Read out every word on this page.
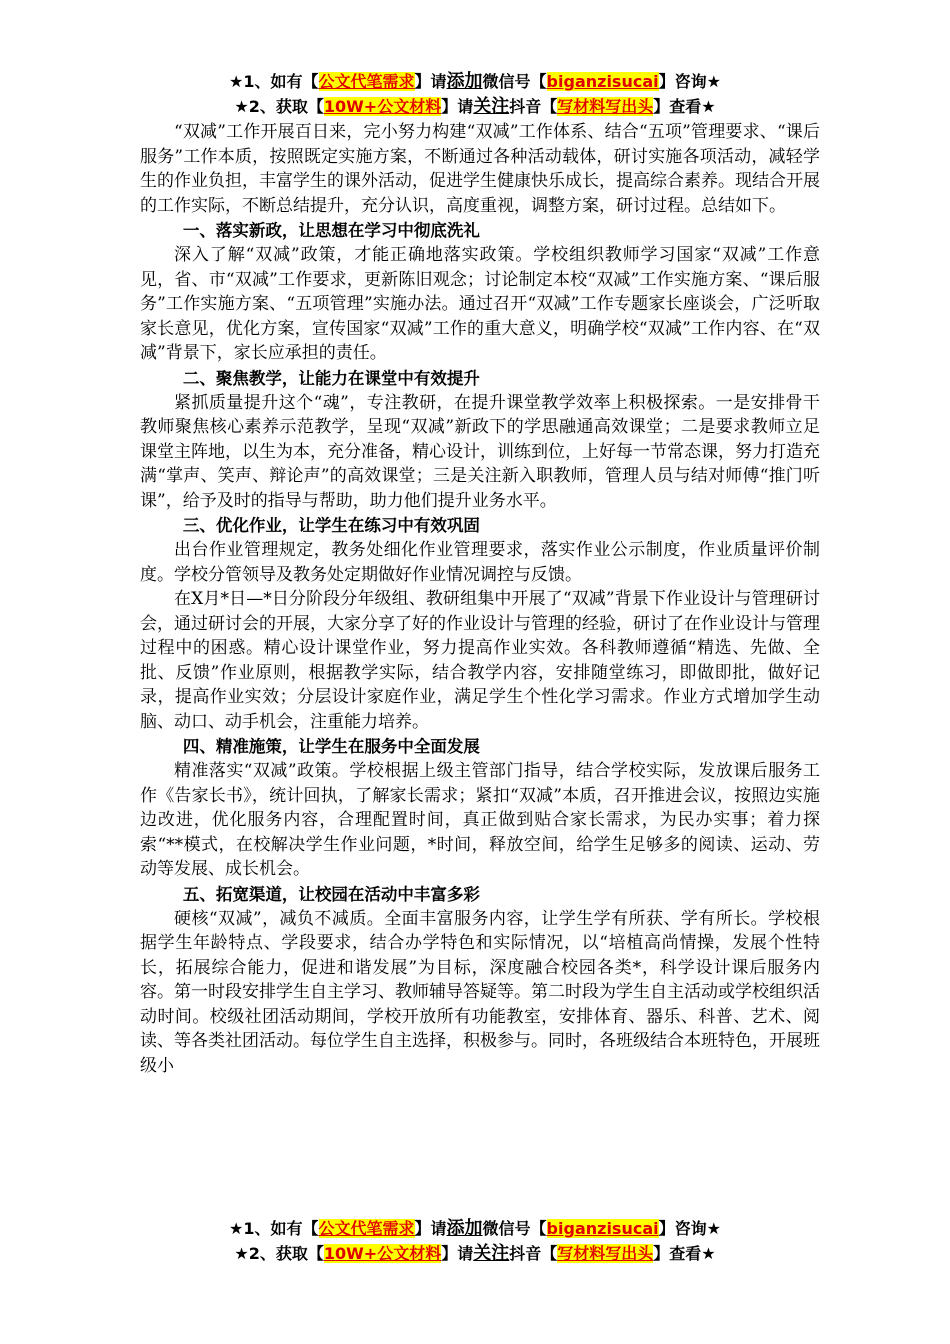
★1、如有【公文代笔需求】请添加微信号【biganzisucai】咨询★
★2、获取【10W+公文材料】请关注抖音【写材料写出头】查看★

“双减”工作开展百日来，完小努力构建“双减”工作体系、结合“五项”管理要求、“课后服务”工作本质，按照既定实施方案，不断通过各种活动载体，研讨实施各项活动，减轻学生的作业负担，丰富学生的课外活动，促进学生健康快乐成长，提高综合素养。现结合开展的工作实际，不断总结提升，充分认识，高度重视，调整方案，研讨过程。总结如下。

一、落实新政，让思想在学习中彻底洗礼

深入了解“双减”政策，才能正确地落实政策。学校组织教师学习国家“双减”工作意见，省、市“双减”工作要求，更新陈旧观念；讨论制定本校“双减”工作实施方案、“课后服务”工作实施方案、“五项管理”实施办法。通过召开“双减”工作专题家长座谈会，广泛听取家长意见，优化方案，宣传国家“双减”工作的重大意义，明确学校“双减”工作内容、在“双减”背景下，家长应承担的责任。

二、聚焦教学，让能力在课堂中有效提升

紧抓质量提升这个“魂”，专注教研，在提升课堂教学效率上积极探索。一是安排骨干教师聚焦核心素养示范教学，呈现“双减”新政下的学思融通高效课堂；二是要求教师立足课堂主阵地，以生为本，充分准备，精心设计，训练到位，上好每一节常态课，努力打造充满“掌声、笑声、辩论声”的高效课堂；三是关注新入职教师，管理人员与结对师傅“推门听课”，给予及时的指导与帮助，助力他们提升业务水平。

三、优化作业，让学生在练习中有效巩固

出台作业管理规定，教务处细化作业管理要求，落实作业公示制度，作业质量评价制度。学校分管领导及教务处定期做好作业情况调控与反馈。

在X月*日—*日分阶段分年级组、教研组集中开展了“双减”背景下作业设计与管理研讨会，通过研讨会的开展，大家分享了好的作业设计与管理的经验，研讨了在作业设计与管理过程中的困惑。精心设计课堂作业，努力提高作业实效。各科教师遵循“精选、先做、全批、反馈”作业原则，根据教学实际，结合教学内容，安排随堂练习，即做即批，做好记录，提高作业实效；分层设计家庭作业，满足学生个性化学习需求。作业方式增加学生动脑、动口、动手机会，注重能力培养。

四、精准施策，让学生在服务中全面发展

精准落实“双减”政策。学校根据上级主管部门指导，结合学校实际，发放课后服务工作《告家长书》，统计回执，了解家长需求；紧扣“双减”本质，召开推进会议，按照边实施边改进，优化服务内容，合理配置时间，真正做到贴合家长需求，为民办实事；着力探索“**模式，在校解决学生作业问题，*时间，释放空间，给学生足够多的阅读、运动、劳动等发展、成长机会。

五、拓宽渠道，让校园在活动中丰富多彩

硬核“双减”，减负不减质。全面丰富服务内容，让学生学有所获、学有所长。学校根据学生年龄特点、学段要求，结合办学特色和实际情况，以“培植高尚情操，发展个性特长，拓展综合能力，促进和谐发展”为目标，深度融合校园各类*，科学设计课后服务内容。第一时段安排学生自主学习、教师辅导答疑等。第二时段为学生自主活动或学校组织活动时间。校级社团活动期间，学校开放所有功能教室，安排体育、器乐、科普、艺术、阅读、等各类社团活动。每位学生自主选择，积极参与。同时，各班级结合本班特色，开展班级小

★1、如有【公文代笔需求】请添加微信号【biganzisucai】咨询★
★2、获取【10W+公文材料】请关注抖音【写材料写出头】查看★
